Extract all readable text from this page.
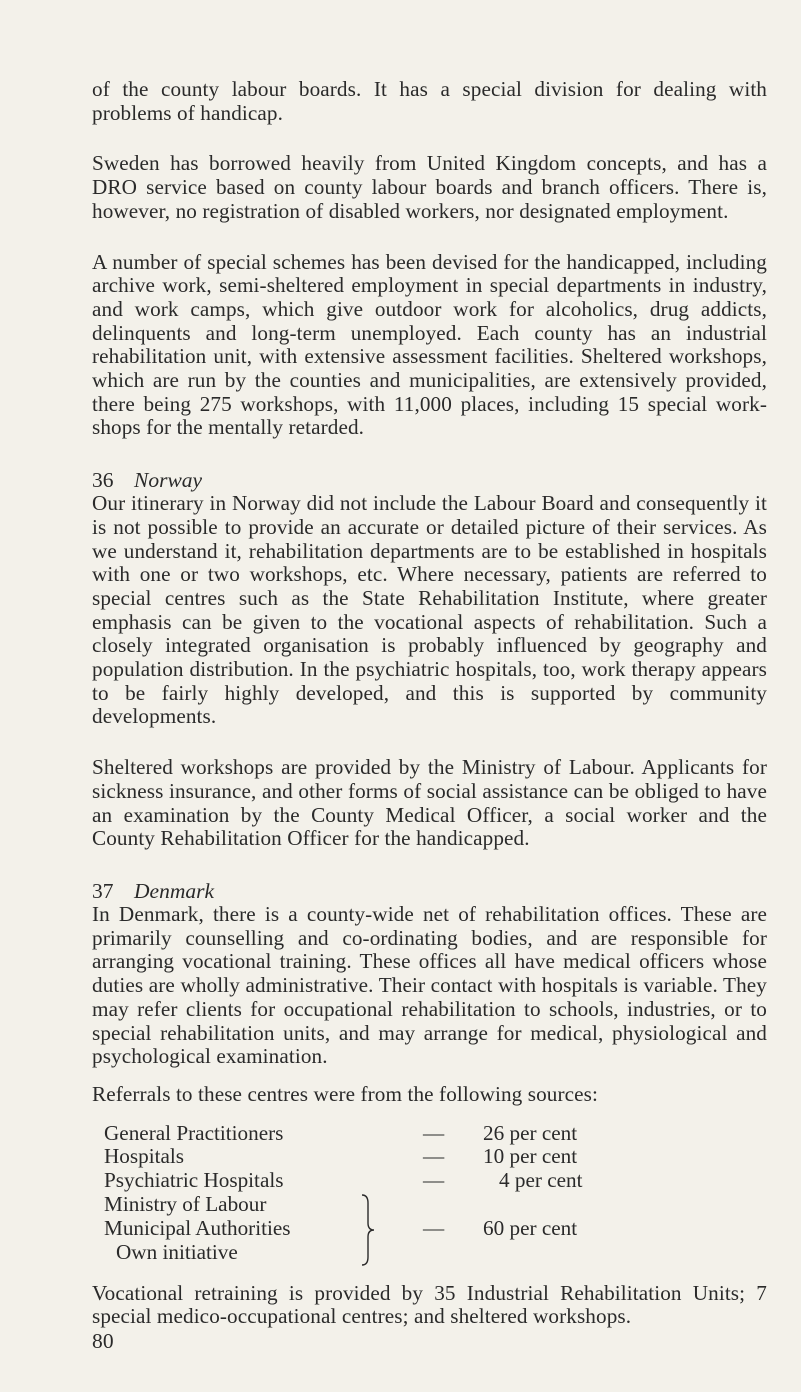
of the county labour boards. It has a special division for dealing with problems of handicap.

Sweden has borrowed heavily from United Kingdom concepts, and has a DRO service based on county labour boards and branch officers. There is, however, no registration of disabled workers, nor designated employment.

A number of special schemes has been devised for the handicapped, including archive work, semi-sheltered employment in special departments in industry, and work camps, which give outdoor work for alcoholics, drug addicts, delinquents and long-term unemployed. Each county has an industrial rehabilitation unit, with extensive assessment facilities. Sheltered workshops, which are run by the counties and municipalities, are extensively provided, there being 275 workshops, with 11,000 places, including 15 special work-shops for the mentally retarded.

36 Norway

Our itinerary in Norway did not include the Labour Board and consequently it is not possible to provide an accurate or detailed picture of their services. As we understand it, rehabilitation departments are to be established in hospitals with one or two workshops, etc. Where necessary, patients are referred to special centres such as the State Rehabilitation Institute, where greater emphasis can be given to the vocational aspects of rehabilitation. Such a closely integrated organisation is probably influenced by geography and population distribution. In the psychiatric hospitals, too, work therapy appears to be fairly highly developed, and this is supported by community developments.

Sheltered workshops are provided by the Ministry of Labour. Applicants for sickness insurance, and other forms of social assistance can be obliged to have an examination by the County Medical Officer, a social worker and the County Rehabilitation Officer for the handicapped.

37 Denmark

In Denmark, there is a county-wide net of rehabilitation offices. These are primarily counselling and co-ordinating bodies, and are responsible for arranging vocational training. These offices all have medical officers whose duties are wholly administrative. Their contact with hospitals is variable. They may refer clients for occupational rehabilitation to schools, industries, or to special rehabilitation units, and may arrange for medical, physiological and psychological examination.

Referrals to these centres were from the following sources:

General Practitioners	— 26 per cent
Hospitals	— 10 per cent
Psychiatric Hospitals	—	4 per cent
Ministry of Labour
Municipal Authorities
Own initiative
— 60 per cent

Vocational retraining is provided by 35 Industrial Rehabilitation Units; 7 special medico-occupational centres; and sheltered workshops.

80
